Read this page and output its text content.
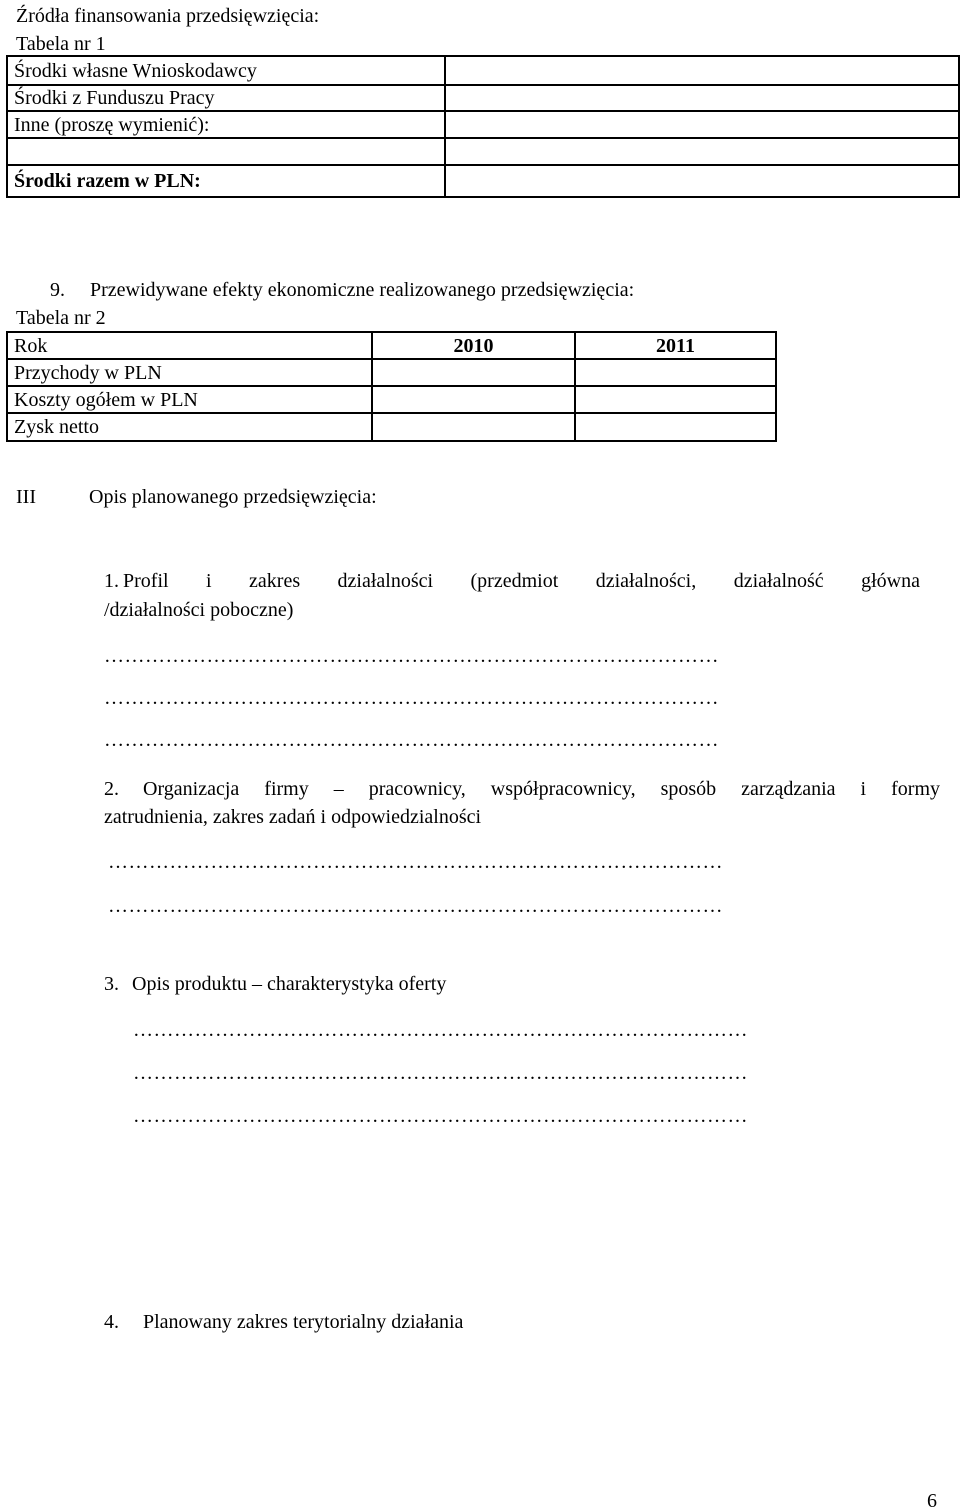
Źródła finansowania przedsięwzięcia:
Tabela nr 1
Środki własne Wnioskodawcy	
Środki z Funduszu Pracy	
Inne (proszę wymienić):	

Środki razem w PLN:	
9. Przewidywane efekty ekonomiczne realizowanego przedsięwzięcia:
Tabela nr 2
Rok	2010	2011
Przychody w PLN		
Koszty ogółem w PLN		
Zysk netto		
III	Opis planowanego przedsięwzięcia:
1. Profil i zakres działalności (przedmiot działalności, działalność główna
/działalności poboczne)
………………………………………………………………………………
………………………………………………………………………………
………………………………………………………………………………
2.	Organizacja firmy – pracownicy, współpracownicy, sposób zarządzania i formy
zatrudnienia, zakres zadań i odpowiedzialności
………………………………………………………………………………
………………………………………………………………………………
3. Opis produktu – charakterystyka oferty
………………………………………………………………………………
………………………………………………………………………………
………………………………………………………………………………
4. Planowany zakres terytorialny działania
6
